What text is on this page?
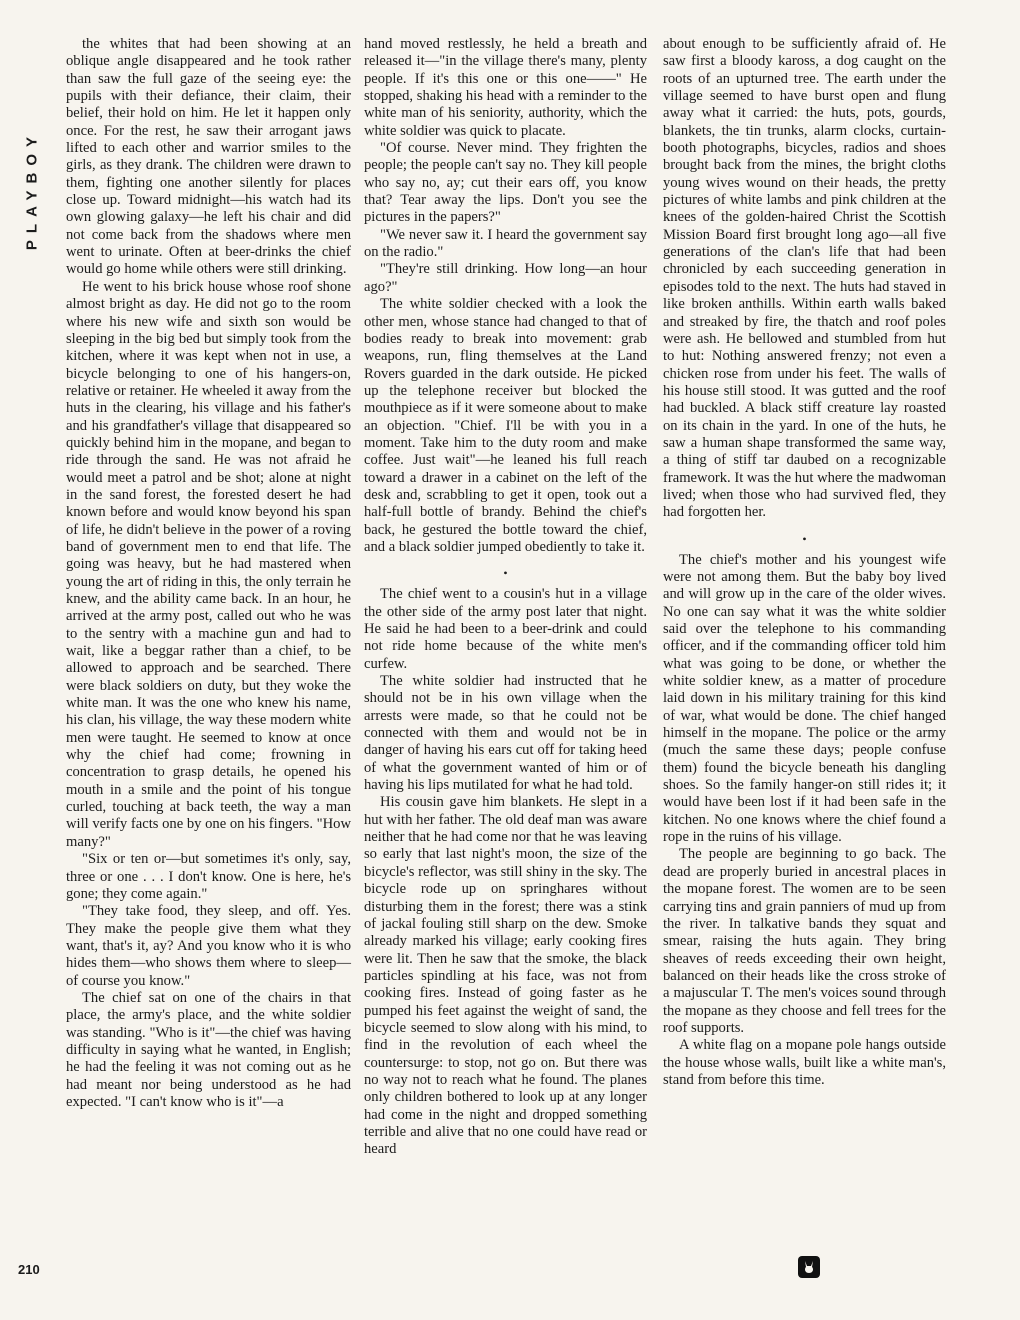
PLAYBOY

the whites that had been showing at an oblique angle disappeared and he took rather than saw the full gaze of the seeing eye: the pupils with their defiance, their claim, their belief, their hold on him. He let it happen only once. For the rest, he saw their arrogant jaws lifted to each other and warrior smiles to the girls, as they drank. The children were drawn to them, fighting one another silently for places close up. Toward midnight—his watch had its own glowing galaxy—he left his chair and did not come back from the shadows where men went to urinate. Often at beer-drinks the chief would go home while others were still drinking.

He went to his brick house whose roof shone almost bright as day. He did not go to the room where his new wife and sixth son would be sleeping in the big bed but simply took from the kitchen, where it was kept when not in use, a bicycle belonging to one of his hangers-on, relative or retainer. He wheeled it away from the huts in the clearing, his village and his father's and his grandfather's village that disappeared so quickly behind him in the mopane, and began to ride through the sand. He was not afraid he would meet a patrol and be shot; alone at night in the sand forest, the forested desert he had known before and would know beyond his span of life, he didn't believe in the power of a roving band of government men to end that life. The going was heavy, but he had mastered when young the art of riding in this, the only terrain he knew, and the ability came back. In an hour, he arrived at the army post, called out who he was to the sentry with a machine gun and had to wait, like a beggar rather than a chief, to be allowed to approach and be searched. There were black soldiers on duty, but they woke the white man. It was the one who knew his name, his clan, his village, the way these modern white men were taught. He seemed to know at once why the chief had come; frowning in concentration to grasp details, he opened his mouth in a smile and the point of his tongue curled, touching at back teeth, the way a man will verify facts one by one on his fingers. "How many?"

"Six or ten or—but sometimes it's only, say, three or one . . . I don't know. One is here, he's gone; they come again."

"They take food, they sleep, and off. Yes. They make the people give them what they want, that's it, ay? And you know who it is who hides them—who shows them where to sleep—of course you know."

The chief sat on one of the chairs in that place, the army's place, and the white soldier was standing. "Who is it"—the chief was having difficulty in saying what he wanted, in English; he had the feeling it was not coming out as he had meant nor being understood as he had expected. "I can't know who is it"—a

hand moved restlessly, he held a breath and released it—"in the village there's many, plenty people. If it's this one or this one——" He stopped, shaking his head with a reminder to the white man of his seniority, authority, which the white soldier was quick to placate.

"Of course. Never mind. They frighten the people; the people can't say no. They kill people who say no, ay; cut their ears off, you know that? Tear away the lips. Don't you see the pictures in the papers?"

"We never saw it. I heard the government say on the radio."

"They're still drinking. How long—an hour ago?"

The white soldier checked with a look the other men, whose stance had changed to that of bodies ready to break into movement: grab weapons, run, fling themselves at the Land Rovers guarded in the dark outside. He picked up the telephone receiver but blocked the mouthpiece as if it were someone about to make an objection. "Chief. I'll be with you in a moment. Take him to the duty room and make coffee. Just wait"—he leaned his full reach toward a drawer in a cabinet on the left of the desk and, scrabbling to get it open, took out a half-full bottle of brandy. Behind the chief's back, he gestured the bottle toward the chief, and a black soldier jumped obediently to take it.

•

The chief went to a cousin's hut in a village the other side of the army post later that night. He said he had been to a beer-drink and could not ride home because of the white men's curfew.

The white soldier had instructed that he should not be in his own village when the arrests were made, so that he could not be connected with them and would not be in danger of having his ears cut off for taking heed of what the government wanted of him or of having his lips mutilated for what he had told.

His cousin gave him blankets. He slept in a hut with her father. The old deaf man was aware neither that he had come nor that he was leaving so early that last night's moon, the size of the bicycle's reflector, was still shiny in the sky. The bicycle rode up on springhares without disturbing them in the forest; there was a stink of jackal fouling still sharp on the dew. Smoke already marked his village; early cooking fires were lit. Then he saw that the smoke, the black particles spindling at his face, was not from cooking fires. Instead of going faster as he pumped his feet against the weight of sand, the bicycle seemed to slow along with his mind, to find in the revolution of each wheel the countersurge: to stop, not go on. But there was no way not to reach what he found. The planes only children bothered to look up at any longer had come in the night and dropped something terrible and alive that no one could have read or heard

about enough to be sufficiently afraid of. He saw first a bloody kaross, a dog caught on the roots of an upturned tree. The earth under the village seemed to have burst open and flung away what it carried: the huts, pots, gourds, blankets, the tin trunks, alarm clocks, curtain-booth photographs, bicycles, radios and shoes brought back from the mines, the bright cloths young wives wound on their heads, the pretty pictures of white lambs and pink children at the knees of the golden-haired Christ the Scottish Mission Board first brought long ago—all five generations of the clan's life that had been chronicled by each succeeding generation in episodes told to the next. The huts had staved in like broken anthills. Within earth walls baked and streaked by fire, the thatch and roof poles were ash. He bellowed and stumbled from hut to hut: Nothing answered frenzy; not even a chicken rose from under his feet. The walls of his house still stood. It was gutted and the roof had buckled. A black stiff creature lay roasted on its chain in the yard. In one of the huts, he saw a human shape transformed the same way, a thing of stiff tar daubed on a recognizable framework. It was the hut where the madwoman lived; when those who had survived fled, they had forgotten her.

•

The chief's mother and his youngest wife were not among them. But the baby boy lived and will grow up in the care of the older wives. No one can say what it was the white soldier said over the telephone to his commanding officer, and if the commanding officer told him what was going to be done, or whether the white soldier knew, as a matter of procedure laid down in his military training for this kind of war, what would be done. The chief hanged himself in the mopane. The police or the army (much the same these days; people confuse them) found the bicycle beneath his dangling shoes. So the family hanger-on still rides it; it would have been lost if it had been safe in the kitchen. No one knows where the chief found a rope in the ruins of his village.

The people are beginning to go back. The dead are properly buried in ancestral places in the mopane forest. The women are to be seen carrying tins and grain panniers of mud up from the river. In talkative bands they squat and smear, raising the huts again. They bring sheaves of reeds exceeding their own height, balanced on their heads like the cross stroke of a majuscular T. The men's voices sound through the mopane as they choose and fell trees for the roof supports.

A white flag on a mopane pole hangs outside the house whose walls, built like a white man's, stand from before this time.

210
